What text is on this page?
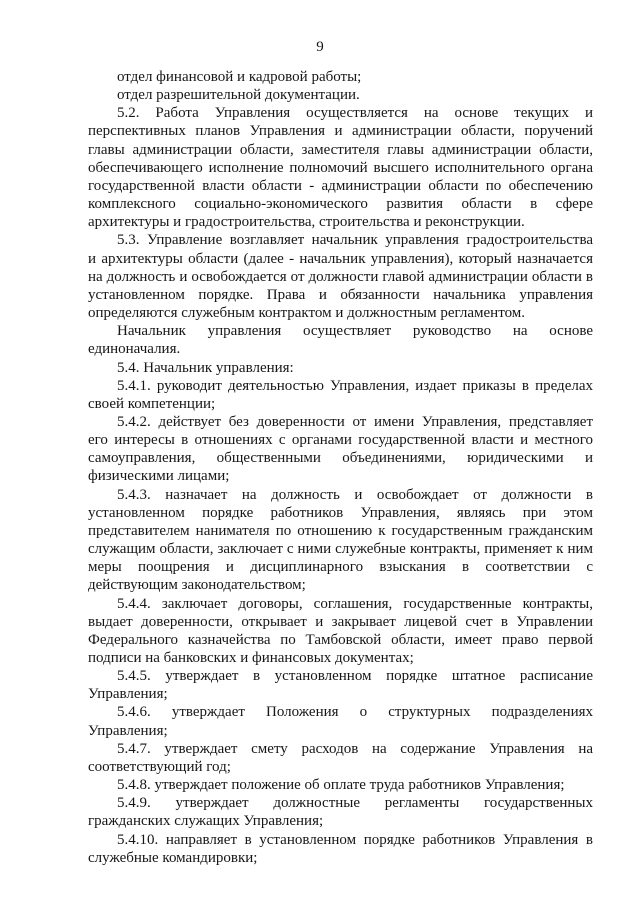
9

отдел финансовой и кадровой работы;

отдел разрешительной документации.

5.2. Работа Управления осуществляется на основе текущих и
перспективных планов Управления и администрации области, поручений
главы администрации области, заместителя главы администрации области,
обеспечивающего исполнение полномочий высшего исполнительного органа
государственной власти области - администрации области по обеспечению
комплексного социально-экономического развития области в сфере
архитектуры и градостроительства, строительства и реконструкции.

5.3. Управление возглавляет начальник управления градостроительства
и архитектуры области (далее - начальник управления), который назначается
на должность и освобождается от должности главой администрации области в
установленном порядке. Права и обязанности начальника управления
определяются служебным контрактом и должностным регламентом.

Начальник управления осуществляет руководство на основе
единоначалия.

5.4. Начальник управления:

5.4.1. руководит деятельностью Управления, издает приказы в пределах
своей компетенции;

5.4.2. действует без доверенности от имени Управления, представляет
его интересы в отношениях с органами государственной власти и местного
самоуправления, общественными объединениями, юридическими и
физическими лицами;

5.4.3. назначает на должность и освобождает от должности в
установленном порядке работников Управления, являясь при этом
представителем нанимателя по отношению к государственным гражданским
служащим области, заключает с ними служебные контракты, применяет к ним
меры поощрения и дисциплинарного взыскания в соответствии с
действующим законодательством;

5.4.4. заключает договоры, соглашения, государственные контракты,
выдает доверенности, открывает и закрывает лицевой счет в Управлении
Федерального казначейства по Тамбовской области, имеет право первой
подписи на банковских и финансовых документах;

5.4.5. утверждает в установленном порядке штатное расписание
Управления;

5.4.6. утверждает Положения о структурных подразделениях
Управления;

5.4.7. утверждает смету расходов на содержание Управления на
соответствующий год;

5.4.8. утверждает положение об оплате труда работников Управления;

5.4.9. утверждает должностные регламенты государственных
гражданских служащих Управления;

5.4.10. направляет в установленном порядке работников Управления в
служебные командировки;
